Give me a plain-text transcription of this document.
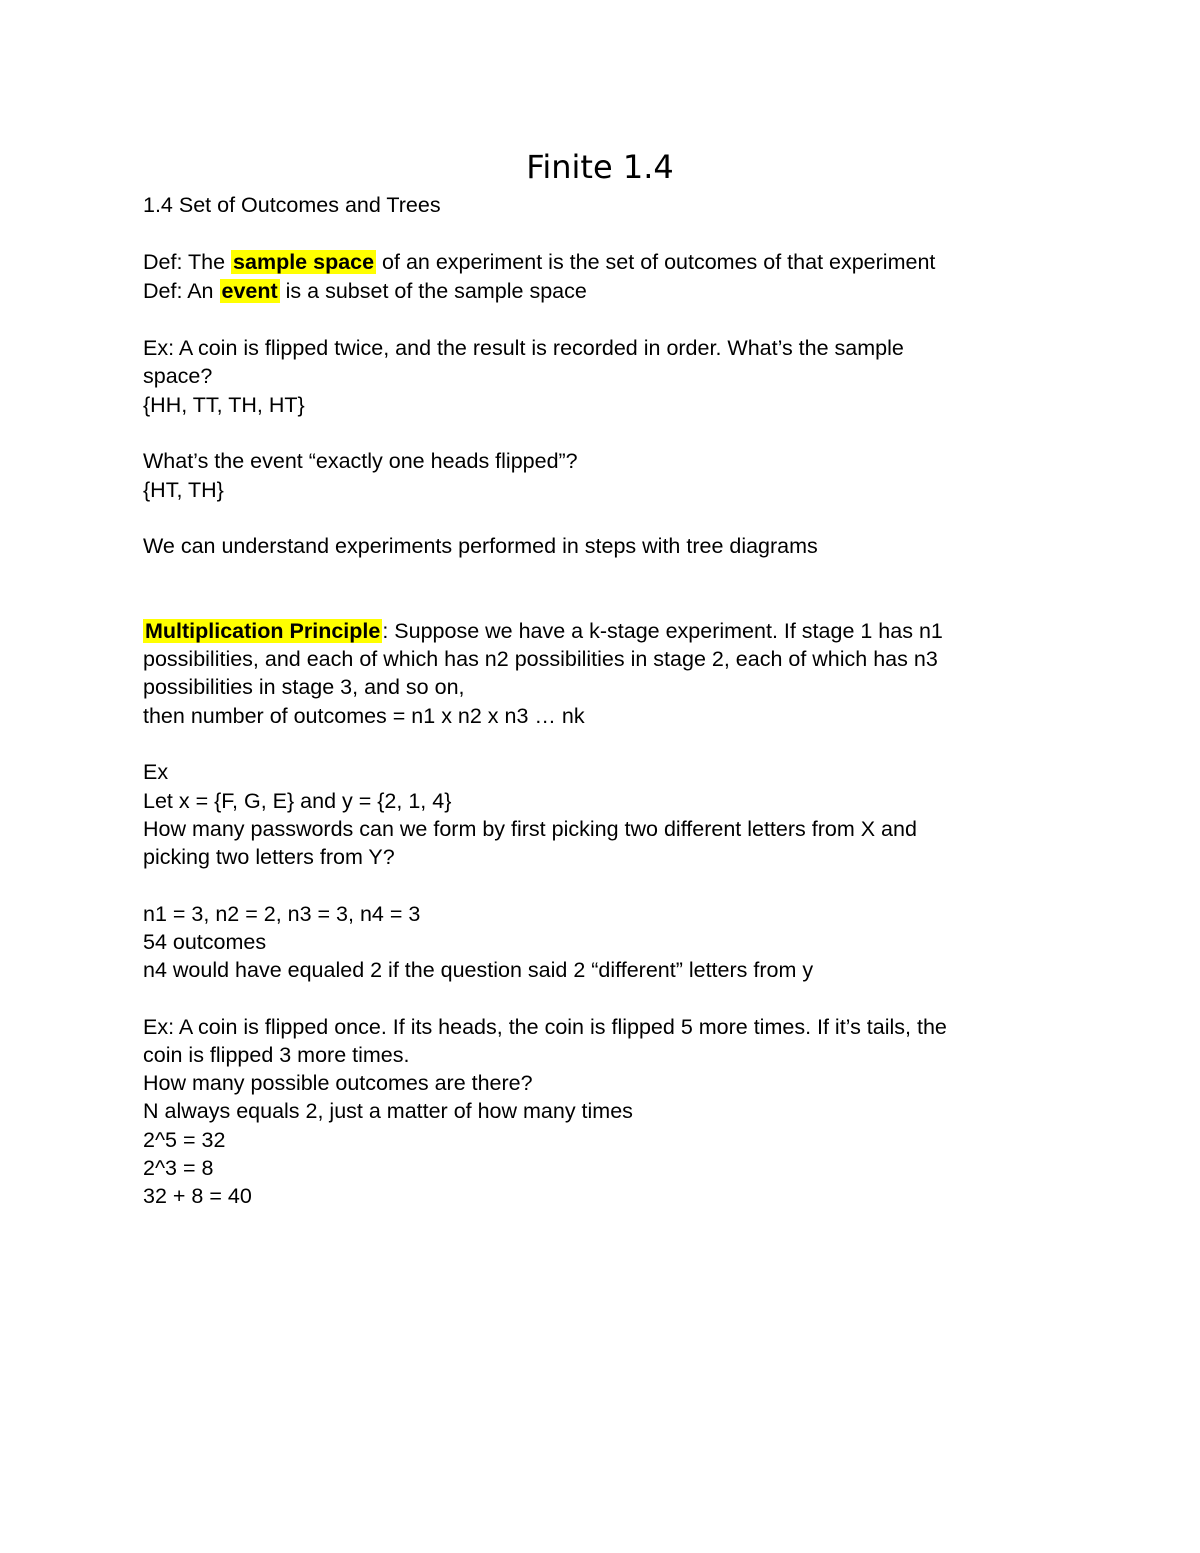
Finite 1.4
1.4 Set of Outcomes and Trees
Def: The sample space of an experiment is the set of outcomes of that experiment
Def: An event is a subset of the sample space
Ex: A coin is flipped twice, and the result is recorded in order. What’s the sample
space?
{HH, TT, TH, HT}
What’s the event “exactly one heads flipped”?
{HT, TH}
We can understand experiments performed in steps with tree diagrams
Multiplication Principle: Suppose we have a k-stage experiment. If stage 1 has n1
possibilities, and each of which has n2 possibilities in stage 2, each of which has n3
possibilities in stage 3, and so on,
then number of outcomes = n1 x n2 x n3 … nk
Ex
Let x = {F, G, E} and y = {2, 1, 4}
How many passwords can we form by first picking two different letters from X and
picking two letters from Y?
n1 = 3, n2 = 2, n3 = 3, n4 = 3
54 outcomes
n4 would have equaled 2 if the question said 2 “different” letters from y
Ex: A coin is flipped once. If its heads, the coin is flipped 5 more times. If it’s tails, the
coin is flipped 3 more times.
How many possible outcomes are there?
N always equals 2, just a matter of how many times
2^5 = 32
2^3 = 8
32 + 8 = 40
